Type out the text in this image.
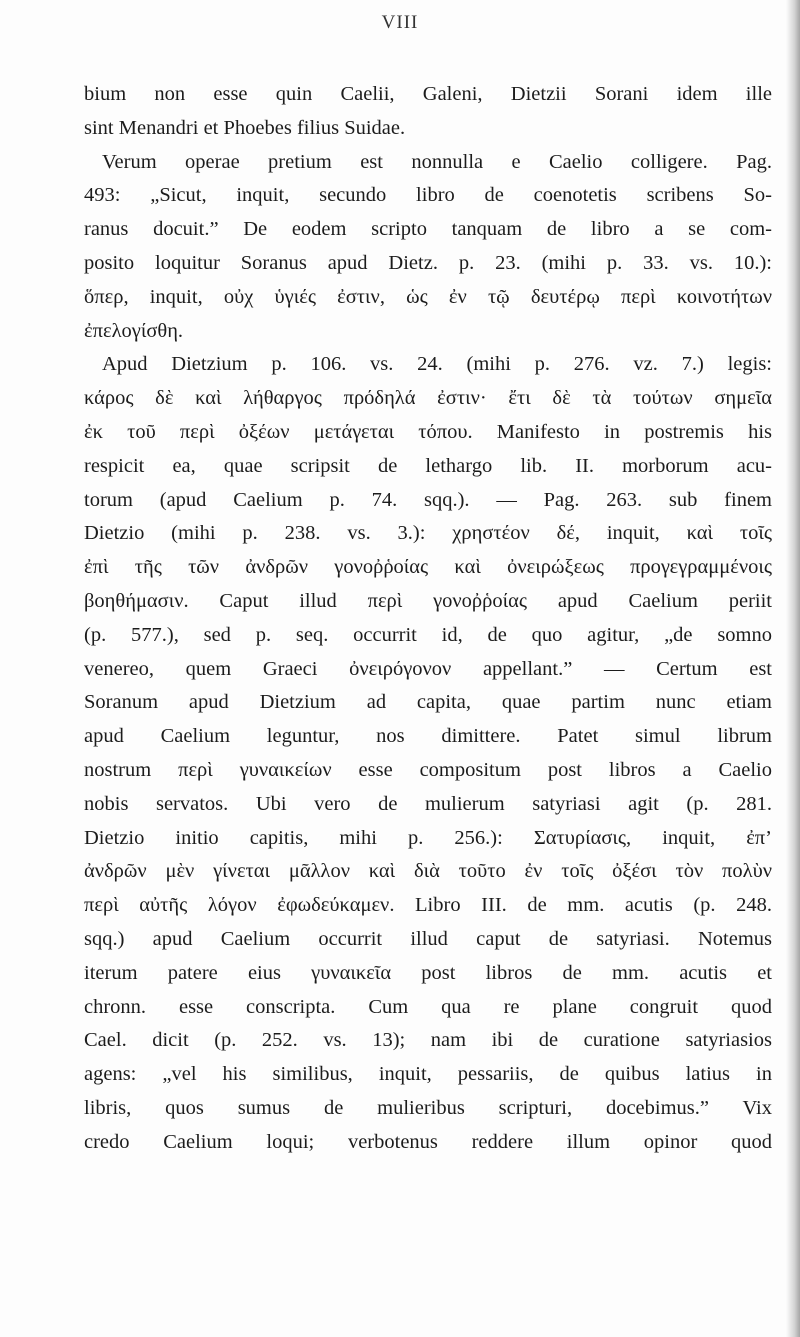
VIII
bium non esse quin Caelii, Galeni, Dietzii Sorani idem ille
sint Menandri et Phoebes filius Suidae.
Verum operae pretium est nonnulla e Caelio colligere. Pag.
493: „Sicut, inquit, secundo libro de coenotetis scribens So-
ranus docuit.” De eodem scripto tanquam de libro a se com-
posito loquitur Soranus apud Dietz. p. 23. (mihi p. 33. vs. 10.):
ὅπερ, inquit, οὐχ ὑγιές ἐστιν, ὡς ἐν τῷ δευτέρῳ περὶ κοινοτήτων
ἐπελογίσθη.
Apud Dietzium p. 106. vs. 24. (mihi p. 276. vz. 7.) legis:
κάρος δὲ καὶ λήθαργος πρόδηλά ἐστιν· ἔτι δὲ τὰ τούτων σημεῖα
ἐκ τοῦ περὶ ὀξέων μετάγεται τόπου. Manifesto in postremis his
respicit ea, quae scripsit de lethargo lib. II. morborum acu-
torum (apud Caelium p. 74. sqq.). — Pag. 263. sub finem
Dietzio (mihi p. 238. vs. 3.): χρηστέον δέ, inquit, καὶ τοῖς
ἐπὶ τῆς τῶν ἀνδρῶν γονοῤῥοίας καὶ ὀνειρώξεως προγεγραμμένοις
βοηθήμασιν. Caput illud περὶ γονοῤῥοίας apud Caelium periit
(p. 577.), sed p. seq. occurrit id, de quo agitur, „de somno
venereo, quem Graeci ὀνειρόγονον appellant.” — Certum est
Soranum apud Dietzium ad capita, quae partim nunc etiam
apud Caelium leguntur, nos dimittere. Patet simul librum
nostrum περὶ γυναικείων esse compositum post libros a Caelio
nobis servatos. Ubi vero de mulierum satyriasi agit (p. 281.
Dietzio initio capitis, mihi p. 256.): Σατυρίασις, inquit, ἐπ’
ἀνδρῶν μὲν γίνεται μᾶλλον καὶ διὰ τοῦτο ἐν τοῖς ὀξέσι τὸν πολὺν
περὶ αὐτῆς λόγον ἐφωδεύκαμεν. Libro III. de mm. acutis (p. 248.
sqq.) apud Caelium occurrit illud caput de satyriasi. Notemus
iterum patere eius γυναικεῖα post libros de mm. acutis et
chronn. esse conscripta. Cum qua re plane congruit quod
Cael. dicit (p. 252. vs. 13); nam ibi de curatione satyriasios
agens: „vel his similibus, inquit, pessariis, de quibus latius in
libris, quos sumus de mulieribus scripturi, docebimus.” Vix
credo Caelium loqui; verbotenus reddere illum opinor quod
